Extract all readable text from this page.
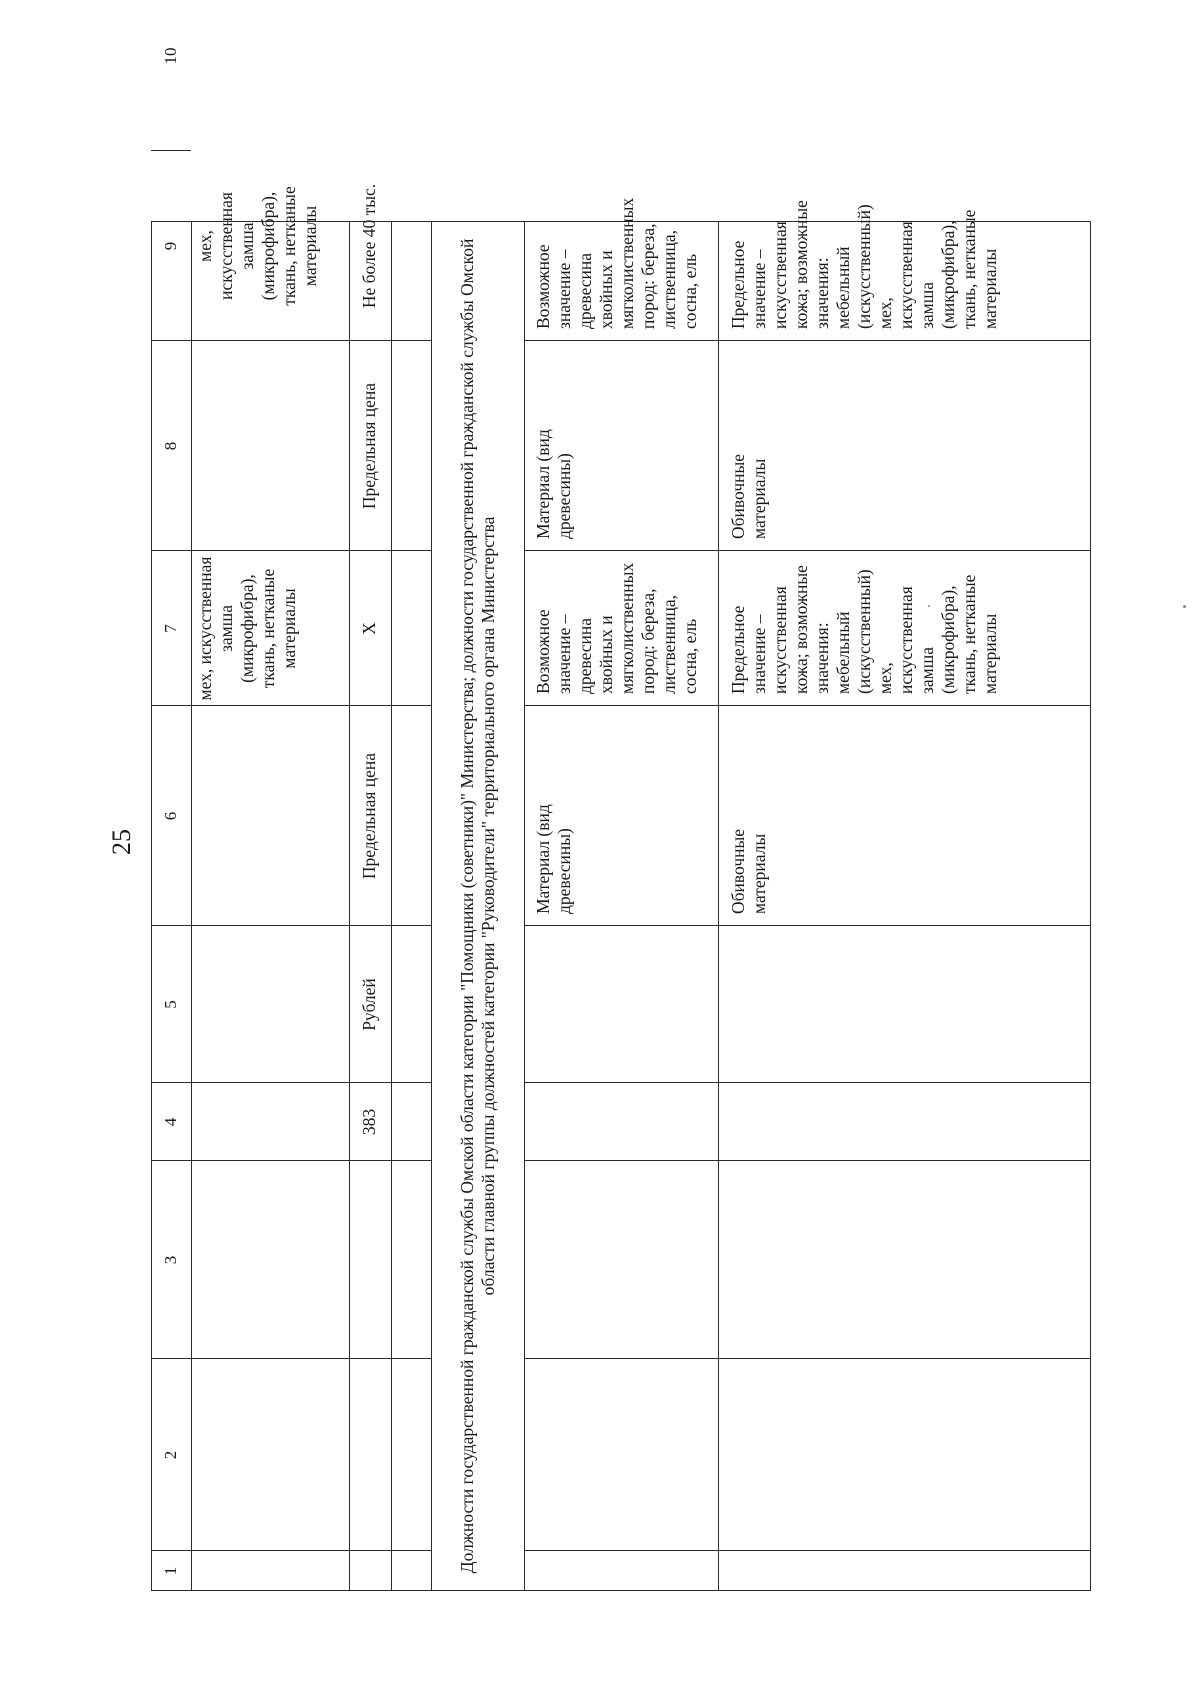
25
1
2
3
4
5
6
7
8
9
10
мех, искусственная
замша
(микрофибра),
ткань, нетканые
материалы
мех,
искусственная
замша
(микрофибра),
ткань, нетканые
материалы
383
Рублей
Предельная цена
Х
Предельная цена
Не более 40 тыс.	Должности государственной гражданской службы Омской области категории "Помощники (советники)" Министерства; должности государственной гражданской службы Омской области главной группы должностей категории "Руководители" территориального органа Министерства	Материал (вид
древесины)
Возможное
значение –
древесина
хвойных и
мягколиственных
пород: береза,
лиственница,
сосна, ель
Материал (вид
древесины)
Возможное
значение –
древесина
хвойных и
мягколиственных
пород: береза,
лиственница,
сосна, ель
Обивочные
материалы
Предельное
значение –
искусственная
кожа; возможные
значения:
мебельный
(искусственный)
мех, искусственная
замша
(микрофибра),
ткань, нетканые
материалы
Обивочные
материалы
Предельное
значение –
искусственная
кожа; возможные
значения:
мебельный
(искусственный)
мех,
искусственная
замша
(микрофибра),
ткань, нетканые
материалы
